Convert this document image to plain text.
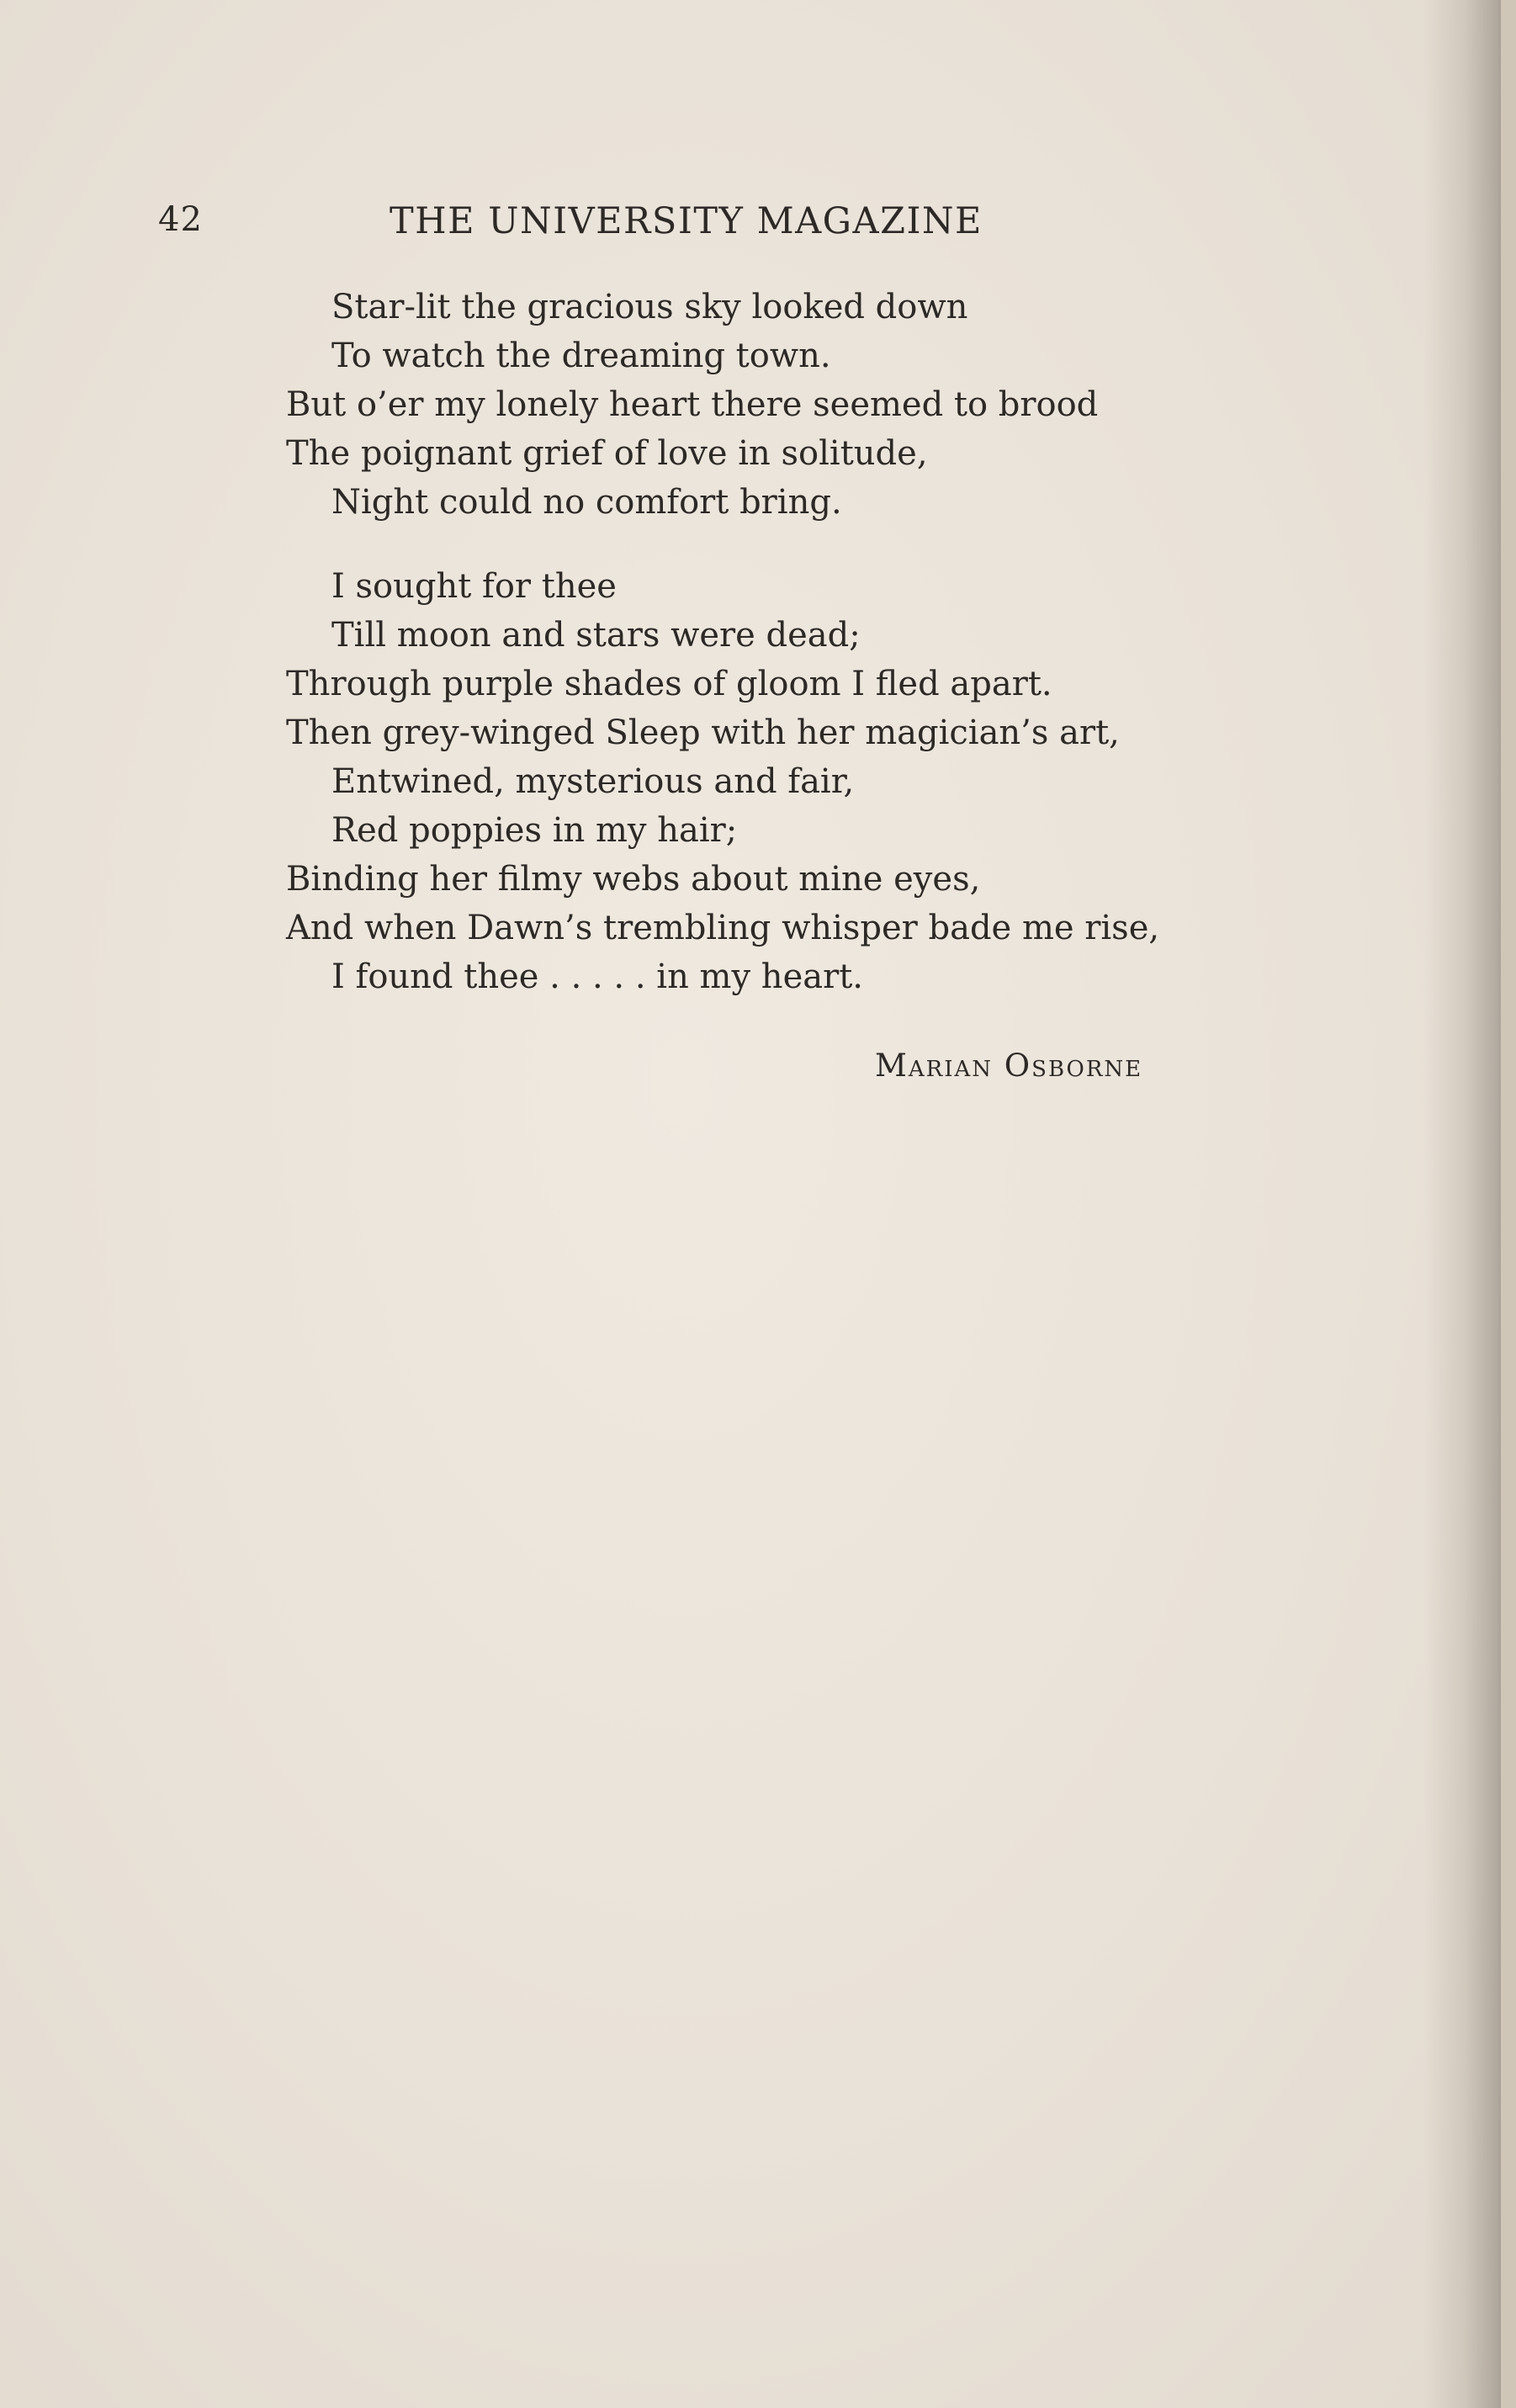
42	THE UNIVERSITY MAGAZINE
Star-lit the gracious sky looked down
To watch the dreaming town.
But o’er my lonely heart there seemed to brood
The poignant grief of love in solitude,
Night could no comfort bring.
I sought for thee
Till moon and stars were dead;
Through purple shades of gloom I fled apart.
Then grey-winged Sleep with her magician’s art,
Entwined, mysterious and fair,
Red poppies in my hair;
Binding her filmy webs about mine eyes,
And when Dawn’s trembling whisper bade me rise,
I found thee . . . . . in my heart.
Marian Osborne
